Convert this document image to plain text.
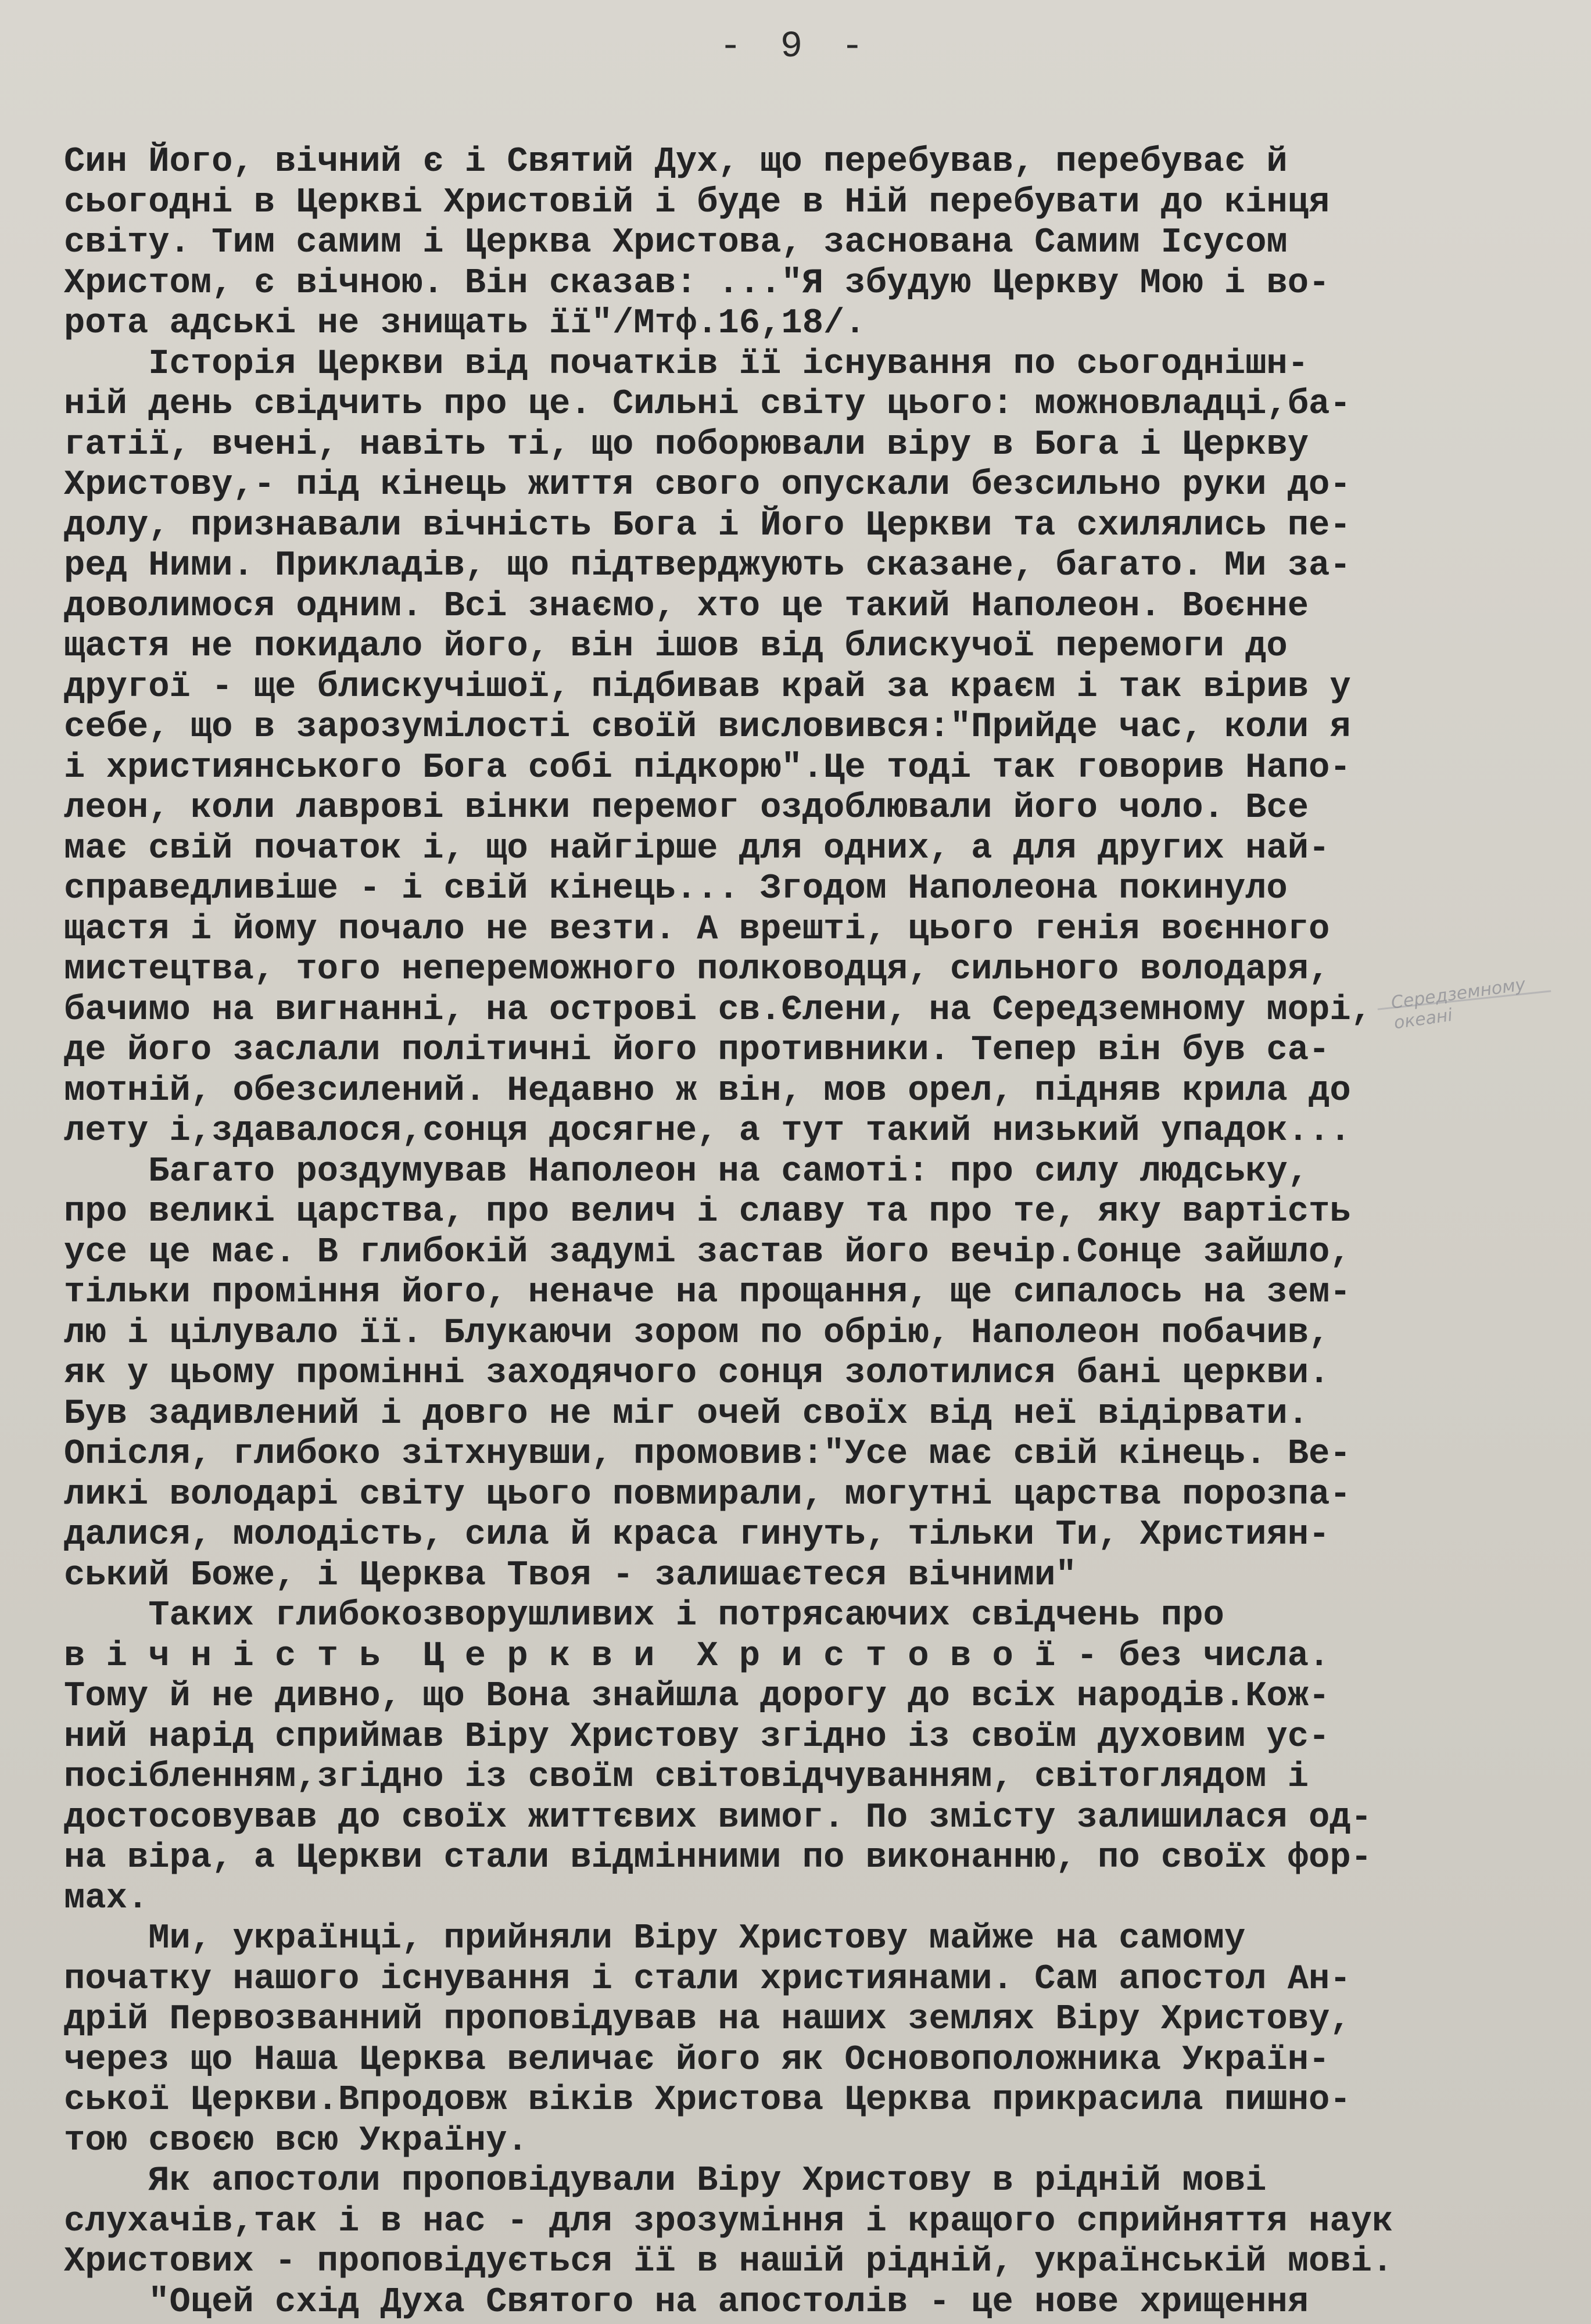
- 9 -
Син Його, вічний є і Святий Дух, що перебував, перебуває й
сьогодні в Церкві Христовій і буде в Ній перебувати до кінця
світу. Тим самим і Церква Христова, заснована Самим Ісусом
Христом, є вічною. Він сказав: ..."Я збудую Церкву Мою і во-
рота адські не знищать її"/Мтф.16,18/.
Історія Церкви від початків її існування по сьогоднішн-
ній день свідчить про це. Сильні світу цього: можновладці,ба-
гатії, вчені, навіть ті, що поборювали віру в Бога і Церкву
Христову,- під кінець життя свого опускали безсильно руки до-
долу, признавали вічність Бога і Його Церкви та схилялись пе-
ред Ними. Прикладів, що підтверджують сказане, багато. Ми за-
доволимося одним. Всі знаємо, хто це такий Наполеон. Воєнне
щастя не покидало його, він ішов від блискучої перемоги до
другої - ще блискучішої, підбивав край за краєм і так вірив у
себе, що в зарозумілості своїй висловився:"Прийде час, коли я
і християнського Бога собі підкорю".Це тоді так говорив Напо-
леон, коли лаврові вінки перемог оздоблювали його чоло. Все
має свій початок і, що найгірше для одних, а для других най-
справедливіше - і свій кінець... Згодом Наполеона покинуло
щастя і йому почало не везти. А врешті, цього генія воєнного
мистецтва, того непереможного полководця, сильного володаря,
бачимо на вигнанні, на острові св.Єлени, на Середземному морі,
де його заслали політичні його противники. Тепер він був са-
мотній, обезсилений. Недавно ж він, мов орел, підняв крила до
лету і,здавалося,сонця досягне, а тут такий низький упадок...
Багато роздумував Наполеон на самоті: про силу людську,
про великі царства, про велич і славу та про те, яку вартість
усе це має. В глибокій задумі застав його вечір.Сонце зайшло,
тільки проміння його, неначе на прощання, ще сипалось на зем-
лю і цілувало її. Блукаючи зором по обрію, Наполеон побачив,
як у цьому промінні заходячого сонця золотилися бані церкви.
Був задивлений і довго не міг очей своїх від неї відірвати.
Опісля, глибоко зітхнувши, промовив:"Усе має свій кінець. Ве-
ликі володарі світу цього повмирали, могутні царства порозпа-
далися, молодість, сила й краса гинуть, тільки Ти, Християн-
ський Боже, і Церква Твоя - залишаєтеся вічними"
Таких глибокозворушливих і потрясаючих свідчень про
в і ч н і с т ь  Ц е р к в и  Х р и с т о в о ї - без числа.
Тому й не дивно, що Вона знайшла дорогу до всіх народів.Кож-
ний нарід сприймав Віру Христову згідно із своїм духовим ус-
посібленням,згідно із своїм світовідчуванням, світоглядом і
достосовував до своїх життєвих вимог. По змісту залишилася од-
на віра, а Церкви стали відмінними по виконанню, по своїх фор-
мах.
Ми, українці, прийняли Віру Христову майже на самому
початку нашого існування і стали християнами. Сам апостол Ан-
дрій Первозванний проповідував на наших землях Віру Христову,
через що Наша Церква величає його як Основоположника Україн-
ської Церкви.Впродовж віків Христова Церква прикрасила пишно-
тою своєю всю Україну.
Як апостоли проповідували Віру Христову в рідній мові
слухачів,так і в нас - для зрозуміння і кращого сприйняття наук
Христових - проповідується її в нашій рідній, українській мові.
"Оцей схід Духа Святого на апостолів - це нове хрищення
Середземному океані
